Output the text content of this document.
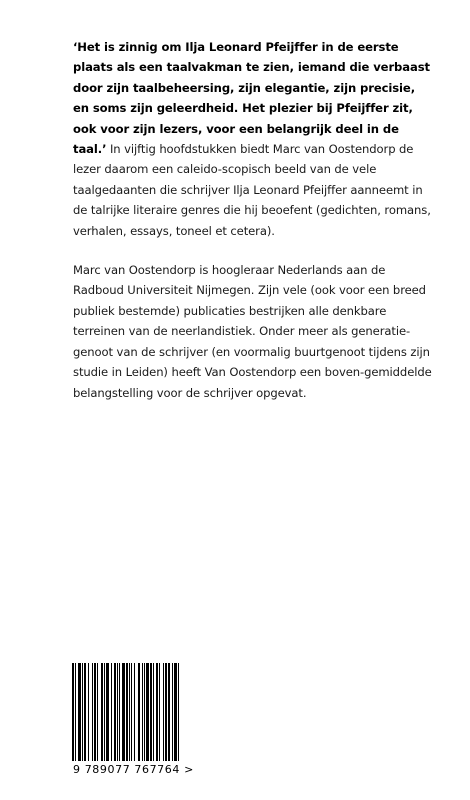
‘Het is zinnig om Ilja Leonard Pfeijffer in de eerste plaats als een taalvakman te zien, iemand die verbaast door zijn taalbeheersing, zijn elegantie, zijn precisie, en soms zijn geleerdheid. Het plezier bij Pfeijffer zit, ook voor zijn lezers, voor een belangrijk deel in de taal.’ In vijftig hoofdstukken biedt Marc van Oostendorp de lezer daarom een caleido-scopisch beeld van de vele taalgedaanten die schrijver Ilja Leonard Pfeijffer aanneemt in de talrijke literaire genres die hij beoefent (gedichten, romans, verhalen, essays, toneel et cetera).

Marc van Oostendorp is hoogleraar Nederlands aan de Radboud Universiteit Nijmegen. Zijn vele (ook voor een breed publiek bestemde) publicaties bestrijken alle denkbare terreinen van de neerlandistiek. Onder meer als generatie-genoot van de schrijver (en voormalig buurtgenoot tijdens zijn studie in Leiden) heeft Van Oostendorp een boven-gemiddelde belangstelling voor de schrijver opgevat.

9 789077 767764 >
